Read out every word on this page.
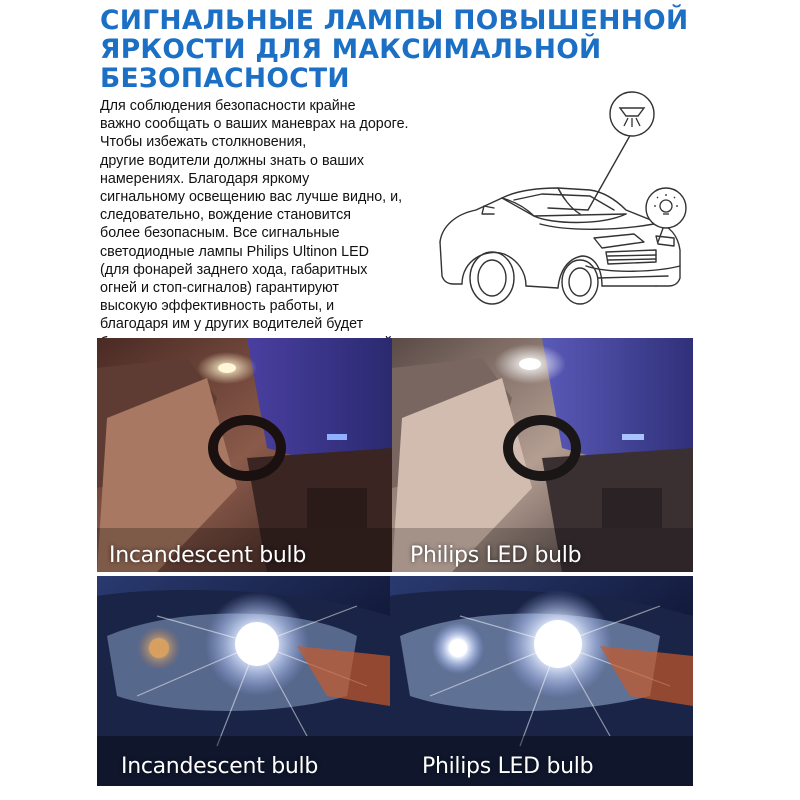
СИГНАЛЬНЫЕ ЛАМПЫ ПОВЫШЕННОЙ
ЯРКОСТИ ДЛЯ МАКСИМАЛЬНОЙ
БЕЗОПАСНОСТИ
Для соблюдения безопасности крайне
важно сообщать о ваших маневрах на дороге.
Чтобы избежать столкновения,
другие водители должны знать о ваших
намерениях. Благодаря яркому
сигнальному освещению вас лучше видно, и,
следовательно, вождение становится
более безопасным. Все сигнальные
светодиодные лампы Philips Ultinon LED
(для фонарей заднего хода, габаритных
огней и стоп-сигналов) гарантируют
высокую эффективность работы, и
благодаря им у других водителей будет
Incandescent bulb	Philips LED bulb
Incandescent bulb	Philips LED bulb
